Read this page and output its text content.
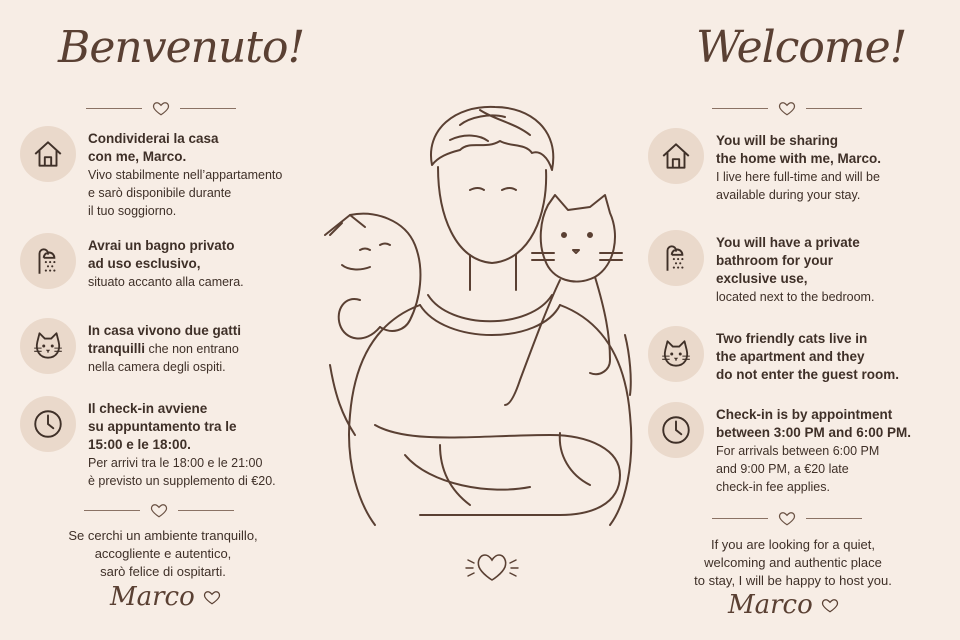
Benvenuto!
Condividerai la casa
con me, Marco.
Vivo stabilmente nell’appartamento
e sarò disponibile durante
il tuo soggiorno.
Avrai un bagno privato
ad uso esclusivo,
situato accanto alla camera.
In casa vivono due gatti
tranquilli che non entrano
nella camera degli ospiti.
Il check-in avviene
su appuntamento tra le
15:00 e le 18:00.
Per arrivi tra le 18:00 e le 21:00
è previsto un supplemento di €20.
Se cerchi un ambiente tranquillo,
accogliente e autentico,
sarò felice di ospitarti.
Marco
Welcome!
You will be sharing
the home with me, Marco.
I live here full-time and will be
available during your stay.
You will have a private
bathroom for your
exclusive use,
located next to the bedroom.
Two friendly cats live in
the apartment and they
do not enter the guest room.
Check-in is by appointment
between 3:00 PM and 6:00 PM.
For arrivals between 6:00 PM
and 9:00 PM, a €20 late
check-in fee applies.
If you are looking for a quiet,
welcoming and authentic place
to stay, I will be happy to host you.
Marco
